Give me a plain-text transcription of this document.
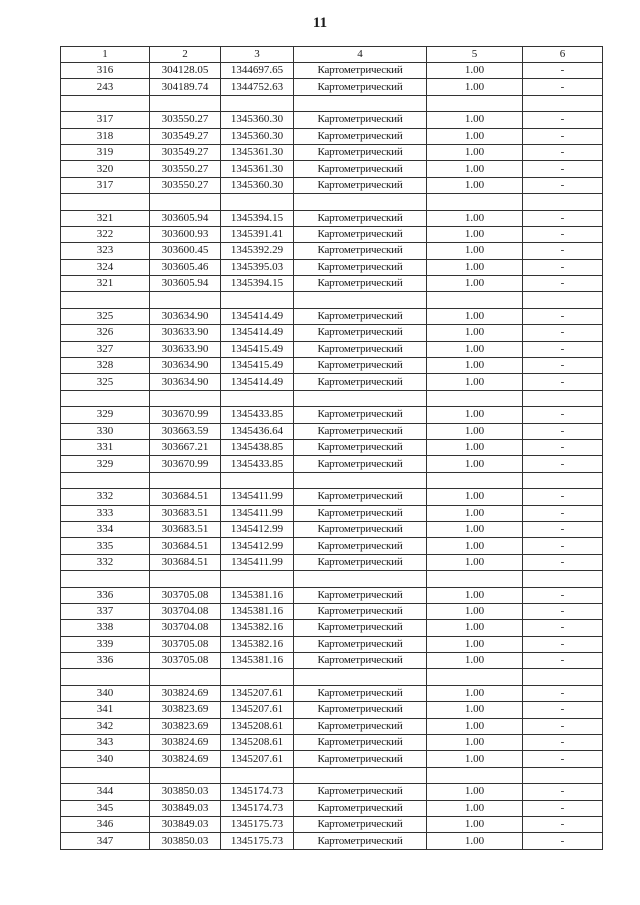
11
1	2	3	4	5	6
316	304128.05	1344697.65	Картометрический	1.00	-
243	304189.74	1344752.63	Картометрический	1.00	-

317	303550.27	1345360.30	Картометрический	1.00	-
318	303549.27	1345360.30	Картометрический	1.00	-
319	303549.27	1345361.30	Картометрический	1.00	-
320	303550.27	1345361.30	Картометрический	1.00	-
317	303550.27	1345360.30	Картометрический	1.00	-

321	303605.94	1345394.15	Картометрический	1.00	-
322	303600.93	1345391.41	Картометрический	1.00	-
323	303600.45	1345392.29	Картометрический	1.00	-
324	303605.46	1345395.03	Картометрический	1.00	-
321	303605.94	1345394.15	Картометрический	1.00	-

325	303634.90	1345414.49	Картометрический	1.00	-
326	303633.90	1345414.49	Картометрический	1.00	-
327	303633.90	1345415.49	Картометрический	1.00	-
328	303634.90	1345415.49	Картометрический	1.00	-
325	303634.90	1345414.49	Картометрический	1.00	-

329	303670.99	1345433.85	Картометрический	1.00	-
330	303663.59	1345436.64	Картометрический	1.00	-
331	303667.21	1345438.85	Картометрический	1.00	-
329	303670.99	1345433.85	Картометрический	1.00	-

332	303684.51	1345411.99	Картометрический	1.00	-
333	303683.51	1345411.99	Картометрический	1.00	-
334	303683.51	1345412.99	Картометрический	1.00	-
335	303684.51	1345412.99	Картометрический	1.00	-
332	303684.51	1345411.99	Картометрический	1.00	-

336	303705.08	1345381.16	Картометрический	1.00	-
337	303704.08	1345381.16	Картометрический	1.00	-
338	303704.08	1345382.16	Картометрический	1.00	-
339	303705.08	1345382.16	Картометрический	1.00	-
336	303705.08	1345381.16	Картометрический	1.00	-

340	303824.69	1345207.61	Картометрический	1.00	-
341	303823.69	1345207.61	Картометрический	1.00	-
342	303823.69	1345208.61	Картометрический	1.00	-
343	303824.69	1345208.61	Картометрический	1.00	-
340	303824.69	1345207.61	Картометрический	1.00	-

344	303850.03	1345174.73	Картометрический	1.00	-
345	303849.03	1345174.73	Картометрический	1.00	-
346	303849.03	1345175.73	Картометрический	1.00	-
347	303850.03	1345175.73	Картометрический	1.00	-
